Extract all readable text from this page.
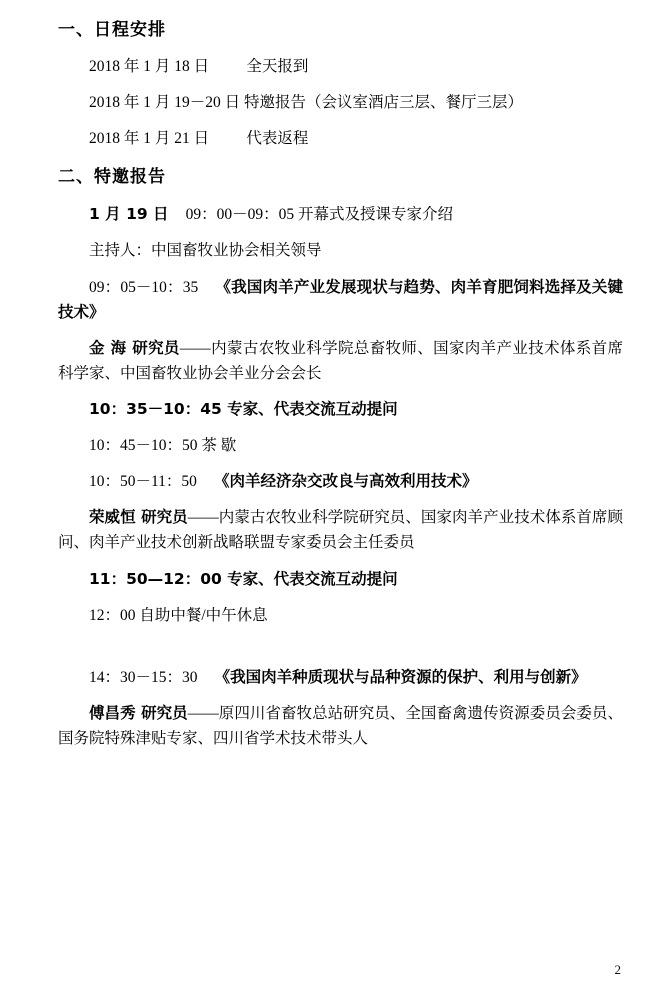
一、日程安排

2018 年 1 月 18 日 全天报到

2018 年 1 月 19－20 日 特邀报告（会议室酒店三层、餐厅三层）

2018 年 1 月 21 日 代表返程

二、特邀报告

1 月 19 日 09：00－09：05 开幕式及授课专家介绍

主持人：中国畜牧业协会相关领导

09：05－10：35 《我国肉羊产业发展现状与趋势、肉羊育肥饲料选择及关键技术》

金 海 研究员——内蒙古农牧业科学院总畜牧师、国家肉羊产业技术体系首席科学家、中国畜牧业协会羊业分会会长

10：35－10：45 专家、代表交流互动提问

10：45－10：50 茶 歇

10：50－11：50 《肉羊经济杂交改良与高效利用技术》

荣威恒 研究员——内蒙古农牧业科学院研究员、国家肉羊产业技术体系首席顾问、肉羊产业技术创新战略联盟专家委员会主任委员

11：50—12：00 专家、代表交流互动提问

12：00 自助中餐/中午休息

14：30－15：30 《我国肉羊种质现状与品种资源的保护、利用与创新》

傅昌秀 研究员——原四川省畜牧总站研究员、全国畜禽遗传资源委员会委员、国务院特殊津贴专家、四川省学术技术带头人

2
